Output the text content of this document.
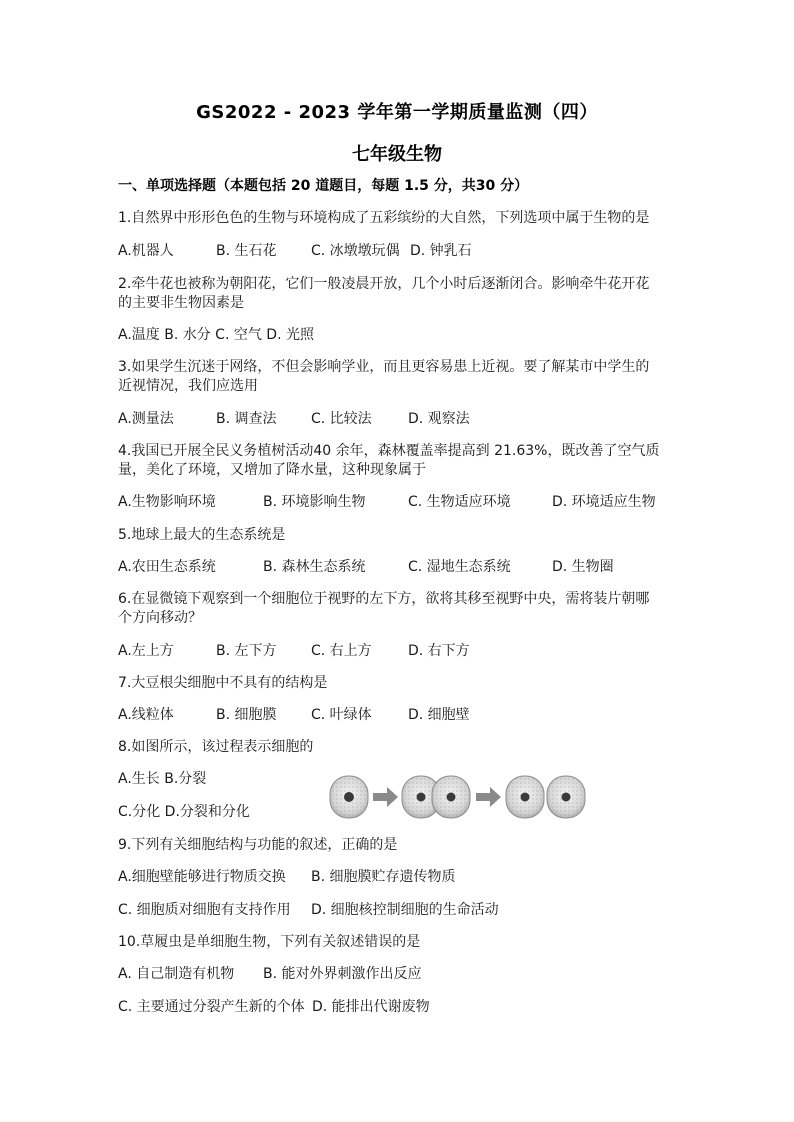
GS2022 - 2023 学年第一学期质量监测（四）
七年级生物
一、单项选择题（本题包括 20 道题目，每题 1.5 分，共30 分）
1.自然界中形形色色的生物与环境构成了五彩缤纷的大自然，下列选项中属于生物的是
A.机器人	B. 生石花 C. 冰墩墩玩偶 D. 钟乳石
2.牵牛花也被称为朝阳花，它们一般凌晨开放，几个小时后逐渐闭合。影响牵牛花开花
的主要非生物因素是
A.温度 B. 水分 C. 空气 D. 光照
3.如果学生沉迷于网络，不但会影响学业，而且更容易患上近视。要了解某市中学生的
近视情况，我们应选用
A.测量法	B. 调查法 C. 比较法	D. 观察法
4.我国已开展全民义务植树活动40 余年，森林覆盖率提高到 21.63%，既改善了空气质
量，美化了环境，又增加了降水量，这种现象属于
A.生物影响环境	B. 环境影响生物	C. 生物适应环境	D. 环境适应生物
5.地球上最大的生态系统是
A.农田生态系统	B. 森林生态系统	C. 湿地生态系统	D. 生物圈
6.在显微镜下观察到一个细胞位于视野的左下方，欲将其移至视野中央，需将装片朝哪
个方向移动？
A.左上方	B. 左下方 C. 右上方	D. 右下方
7.大豆根尖细胞中不具有的结构是
A.线粒体	B. 细胞膜 C. 叶绿体	D. 细胞壁
8.如图所示，该过程表示细胞的
A.生长 B.分裂
C.分化 D.分裂和分化
9.下列有关细胞结构与功能的叙述，正确的是
A.细胞壁能够进行物质交换 B. 细胞膜贮存遗传物质
C. 细胞质对细胞有支持作用 D. 细胞核控制细胞的生命活动
10.草履虫是单细胞生物，下列有关叙述错误的是
A. 自己制造有机物 B. 能对外界刺激作出反应
C. 主要通过分裂产生新的个体 D. 能排出代谢废物
